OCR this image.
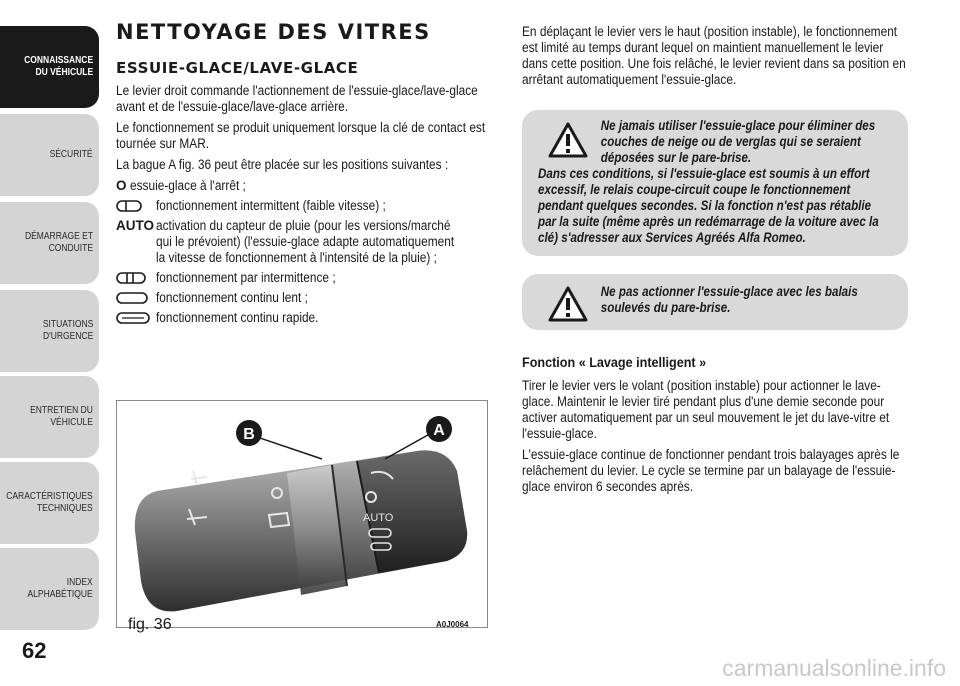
CONNAISSANCE
DU VÉHICULE
SÉCURITÉ
DÉMARRAGE ET
CONDUITE
SITUATIONS
D'URGENCE
ENTRETIEN DU
VÉHICULE
CARACTÉRISTIQUES
TECHNIQUES
INDEX
ALPHABÉTIQUE
62
NETTOYAGE DES VITRES
ESSUIE-GLACE/LAVE-GLACE

Le levier droit commande l'actionnement de l'essuie-glace/lave-glace avant et de l'essuie-glace/lave-glace arrière.

Le fonctionnement se produit uniquement lorsque la clé de contact est tournée sur MAR.

La bague A fig. 36 peut être placée sur les positions suivantes :

O essuie-glace à l'arrêt ;
fonctionnement intermittent (faible vitesse) ;
AUTO activation du capteur de pluie (pour les versions/marché qui le prévoient) (l'essuie-glace adapte automatiquement la vitesse de fonctionnement à l'intensité de la pluie) ;
fonctionnement par intermittence ;
fonctionnement continu lent ;
fonctionnement continu rapide.
AUTO
B	A
fig. 36	A0J0064

En déplaçant le levier vers le haut (position instable), le fonctionnement est limité au temps durant lequel on maintient manuellement le levier dans cette position. Une fois relâché, le levier revient dans sa position en arrêtant automatiquement l'essuie-glace.

Ne jamais utiliser l'essuie-glace pour éliminer des couches de neige ou de verglas qui se seraient déposées sur le pare-brise.
Dans ces conditions, si l'essuie-glace est soumis à un effort excessif, le relais coupe-circuit coupe le fonctionnement pendant quelques secondes. Si la fonction n'est pas rétablie par la suite (même après un redémarrage de la voiture avec la clé) s'adresser aux Services Agréés Alfa Romeo.

Ne pas actionner l'essuie-glace avec les balais soulevés du pare-brise.

Fonction « Lavage intelligent »

Tirer le levier vers le volant (position instable) pour actionner le lave-glace. Maintenir le levier tiré pendant plus d'une demie seconde pour activer automatiquement par un seul mouvement le jet du lave-vitre et l'essuie-glace.

L'essuie-glace continue de fonctionner pendant trois balayages après le relâchement du levier. Le cycle se termine par un balayage de l'essuie-glace environ 6 secondes après.

carmanualsonline.info
